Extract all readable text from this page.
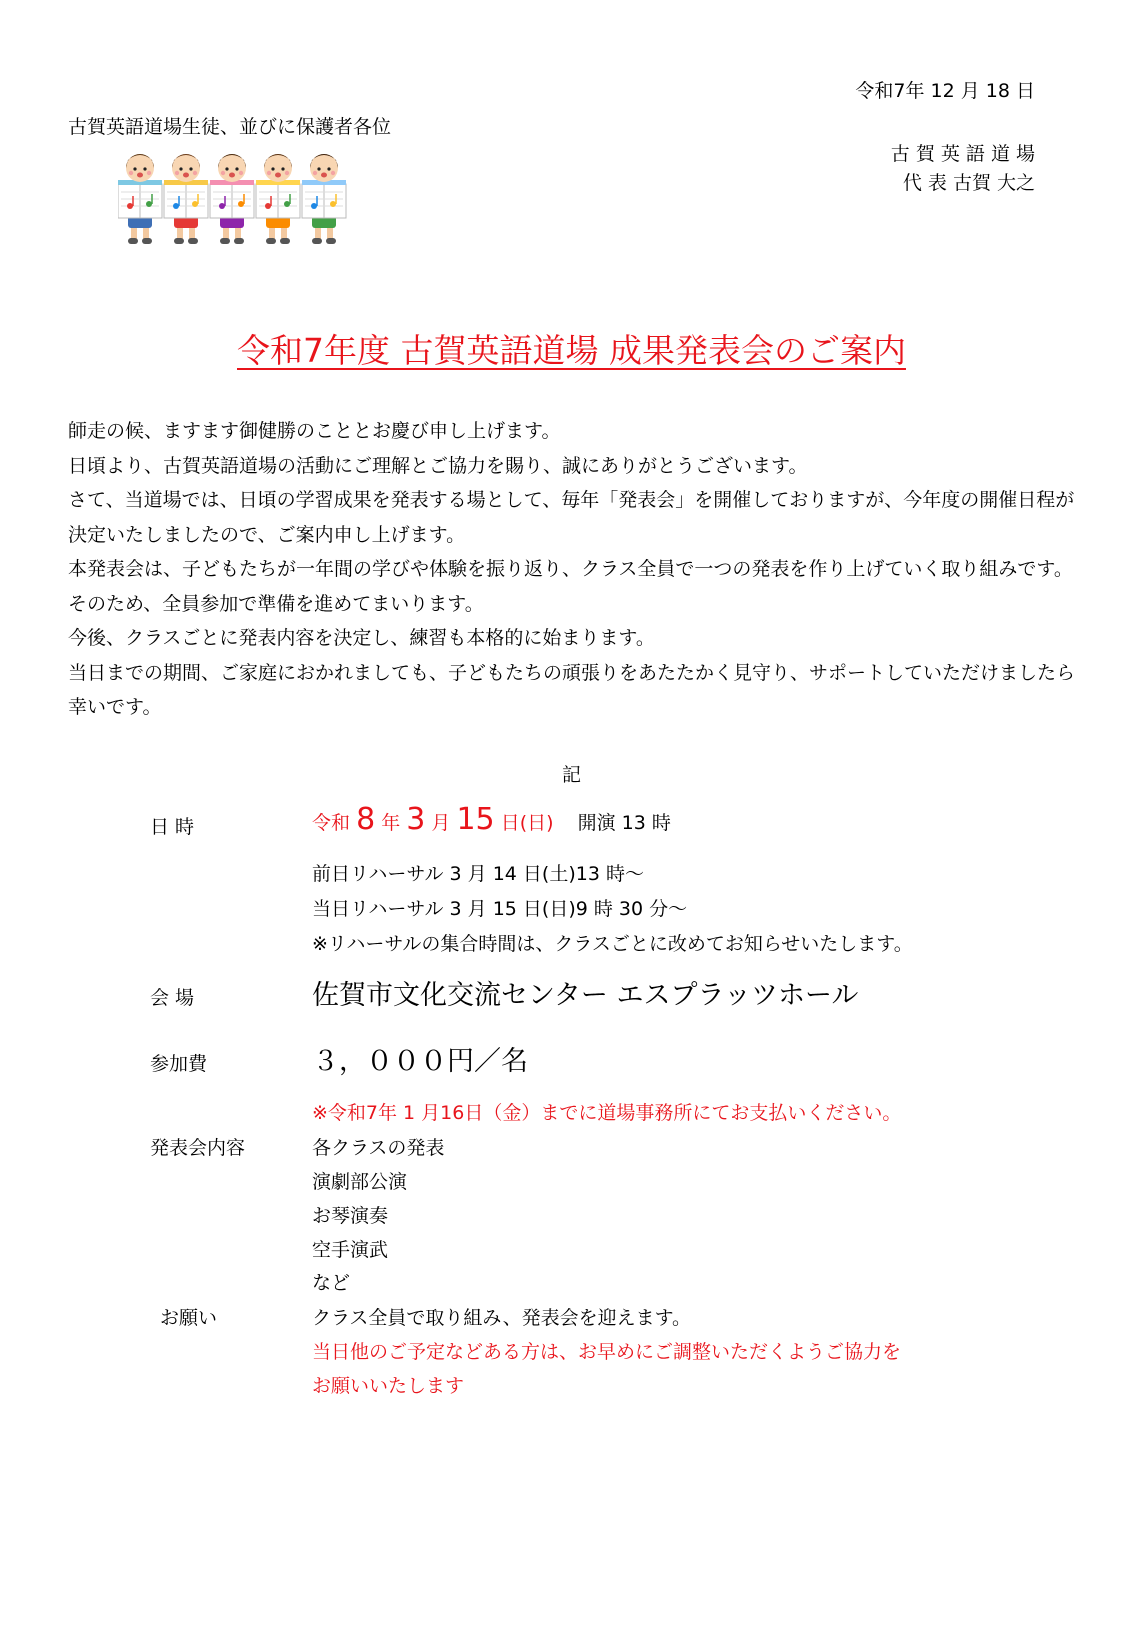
令和7年 12 月 18 日
古賀英語道場生徒、並びに保護者各位
古 賀 英 語 道 場
代 表 古賀 大之
令和7年度 古賀英語道場 成果発表会のご案内

師走の候、ますます御健勝のこととお慶び申し上げます。

日頃より、古賀英語道場の活動にご理解とご協力を賜り、誠にありがとうございます。

さて、当道場では、日頃の学習成果を発表する場として、毎年「発表会」を開催しておりますが、今年度の開催日程が

決定いたしましたので、ご案内申し上げます。

本発表会は、子どもたちが一年間の学びや体験を振り返り、クラス全員で一つの発表を作り上げていく取り組みです。

そのため、全員参加で準備を進めてまいります。

今後、クラスごとに発表内容を決定し、練習も本格的に始まります。

当日までの期間、ご家庭におかれましても、子どもたちの頑張りをあたたかく見守り、サポートしていただけましたら

幸いです。

記
日 時	令和 8 年 3 月 15 日(日) 開演 13 時
前日リハーサル 3 月 14 日(土)13 時～
当日リハーサル 3 月 15 日(日)9 時 30 分～
※リハーサルの集合時間は、クラスごとに改めてお知らせいたします。
会 場	佐賀市文化交流センター エスプラッツホール
参加費	３，０００円／名
※令和7年 1 月16日（金）までに道場事務所にてお支払いください。
発表会内容	各クラスの発表
演劇部公演
お琴演奏
空手演武
など
お願い	クラス全員で取り組み、発表会を迎えます。
当日他のご予定などある方は、お早めにご調整いただくようご協力を
お願いいたします
